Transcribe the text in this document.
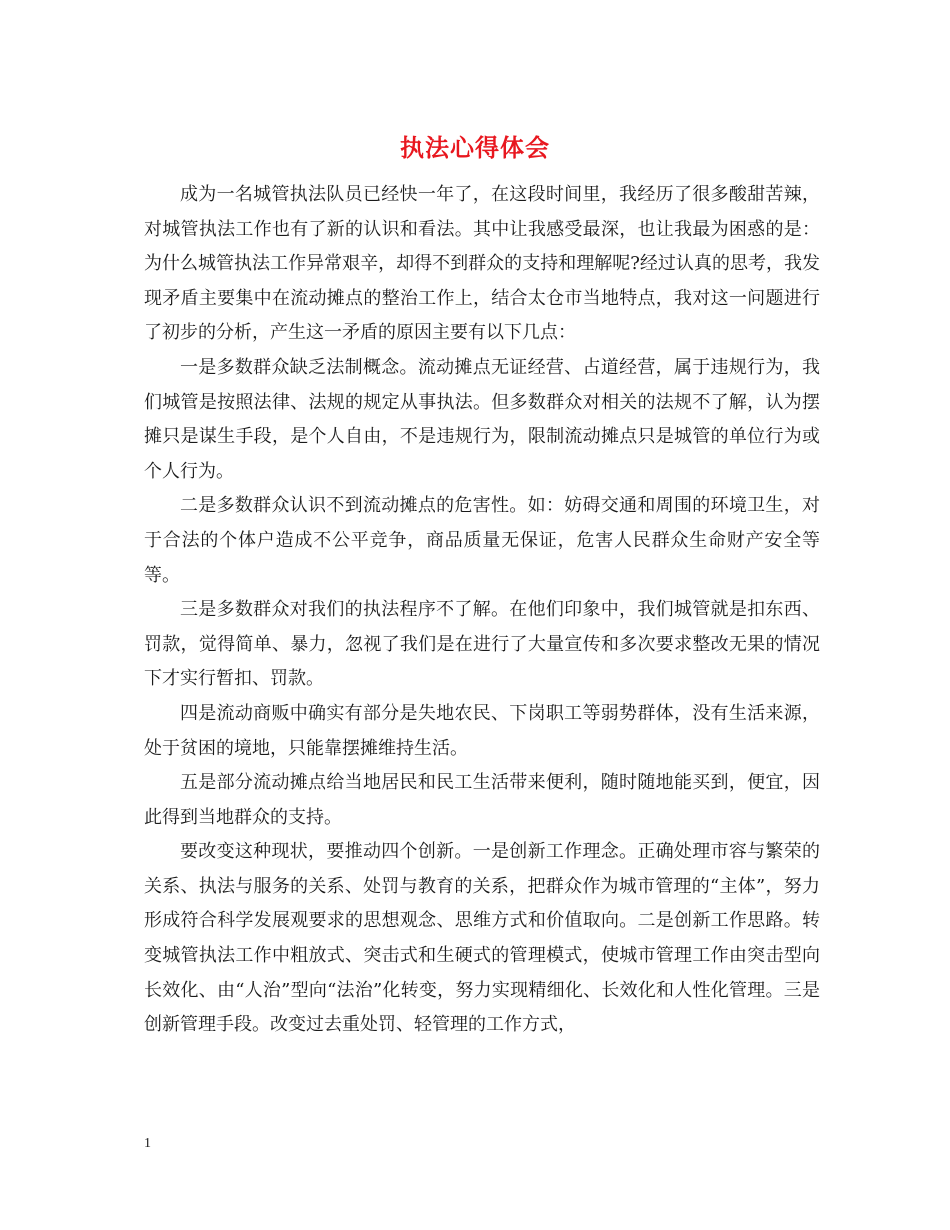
执法心得体会

成为一名城管执法队员已经快一年了，在这段时间里，我经历了很多酸甜苦辣，对城管执法工作也有了新的认识和看法。其中让我感受最深，也让我最为困惑的是：为什么城管执法工作异常艰辛，却得不到群众的支持和理解呢?经过认真的思考，我发现矛盾主要集中在流动摊点的整治工作上，结合太仓市当地特点，我对这一问题进行了初步的分析，产生这一矛盾的原因主要有以下几点：

一是多数群众缺乏法制概念。流动摊点无证经营、占道经营，属于违规行为，我们城管是按照法律、法规的规定从事执法。但多数群众对相关的法规不了解，认为摆摊只是谋生手段，是个人自由，不是违规行为，限制流动摊点只是城管的单位行为或个人行为。

二是多数群众认识不到流动摊点的危害性。如：妨碍交通和周围的环境卫生，对于合法的个体户造成不公平竞争，商品质量无保证，危害人民群众生命财产安全等等。

三是多数群众对我们的执法程序不了解。在他们印象中，我们城管就是扣东西、罚款，觉得简单、暴力，忽视了我们是在进行了大量宣传和多次要求整改无果的情况下才实行暂扣、罚款。

四是流动商贩中确实有部分是失地农民、下岗职工等弱势群体，没有生活来源，处于贫困的境地，只能靠摆摊维持生活。

五是部分流动摊点给当地居民和民工生活带来便利，随时随地能买到，便宜，因此得到当地群众的支持。

要改变这种现状，要推动四个创新。一是创新工作理念。正确处理市容与繁荣的关系、执法与服务的关系、处罚与教育的关系，把群众作为城市管理的“主体”，努力形成符合科学发展观要求的思想观念、思维方式和价值取向。二是创新工作思路。转变城管执法工作中粗放式、突击式和生硬式的管理模式，使城市管理工作由突击型向长效化、由“人治”型向“法治”化转变，努力实现精细化、长效化和人性化管理。三是创新管理手段。改变过去重处罚、轻管理的工作方式，

1
